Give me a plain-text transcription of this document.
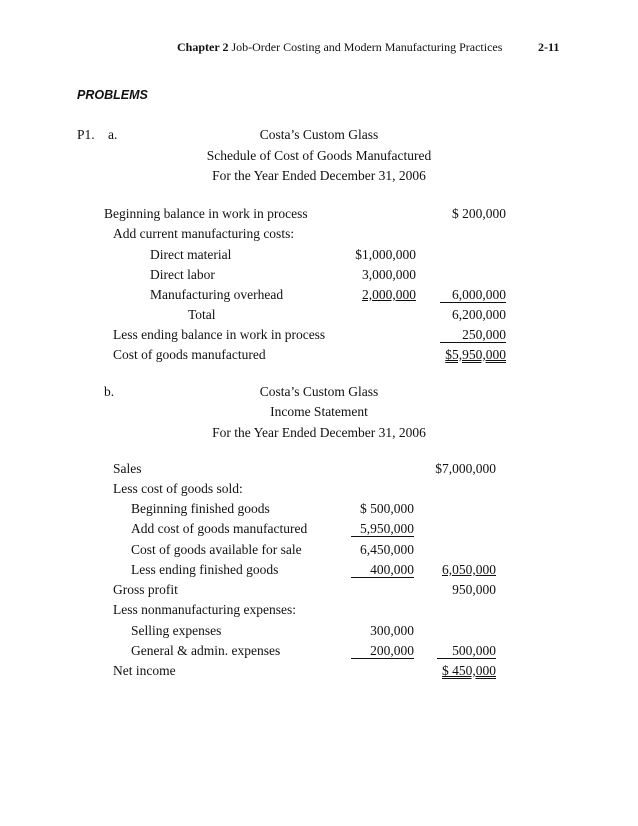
Chapter 2 Job-Order Costing and Modern Manufacturing Practices	2-11
PROBLEMS
P1. a.	Costa’s Custom Glass
Schedule of Cost of Goods Manufactured
For the Year Ended December 31, 2006
Beginning balance in work in process	$ 200,000
Add current manufacturing costs:
Direct material	$1,000,000
Direct labor	3,000,000
Manufacturing overhead	2,000,000	6,000,000
Total	6,200,000
Less ending balance in work in process	250,000
Cost of goods manufactured	$5,950,000
b.	Costa’s Custom Glass
Income Statement
For the Year Ended December 31, 2006
Sales	$7,000,000
Less cost of goods sold:
Beginning finished goods	$ 500,000
Add cost of goods manufactured	5,950,000
Cost of goods available for sale	6,450,000
Less ending finished goods	400,000	6,050,000
Gross profit	950,000
Less nonmanufacturing expenses:
Selling expenses	300,000
General & admin. expenses	200,000	500,000
Net income	$ 450,000
